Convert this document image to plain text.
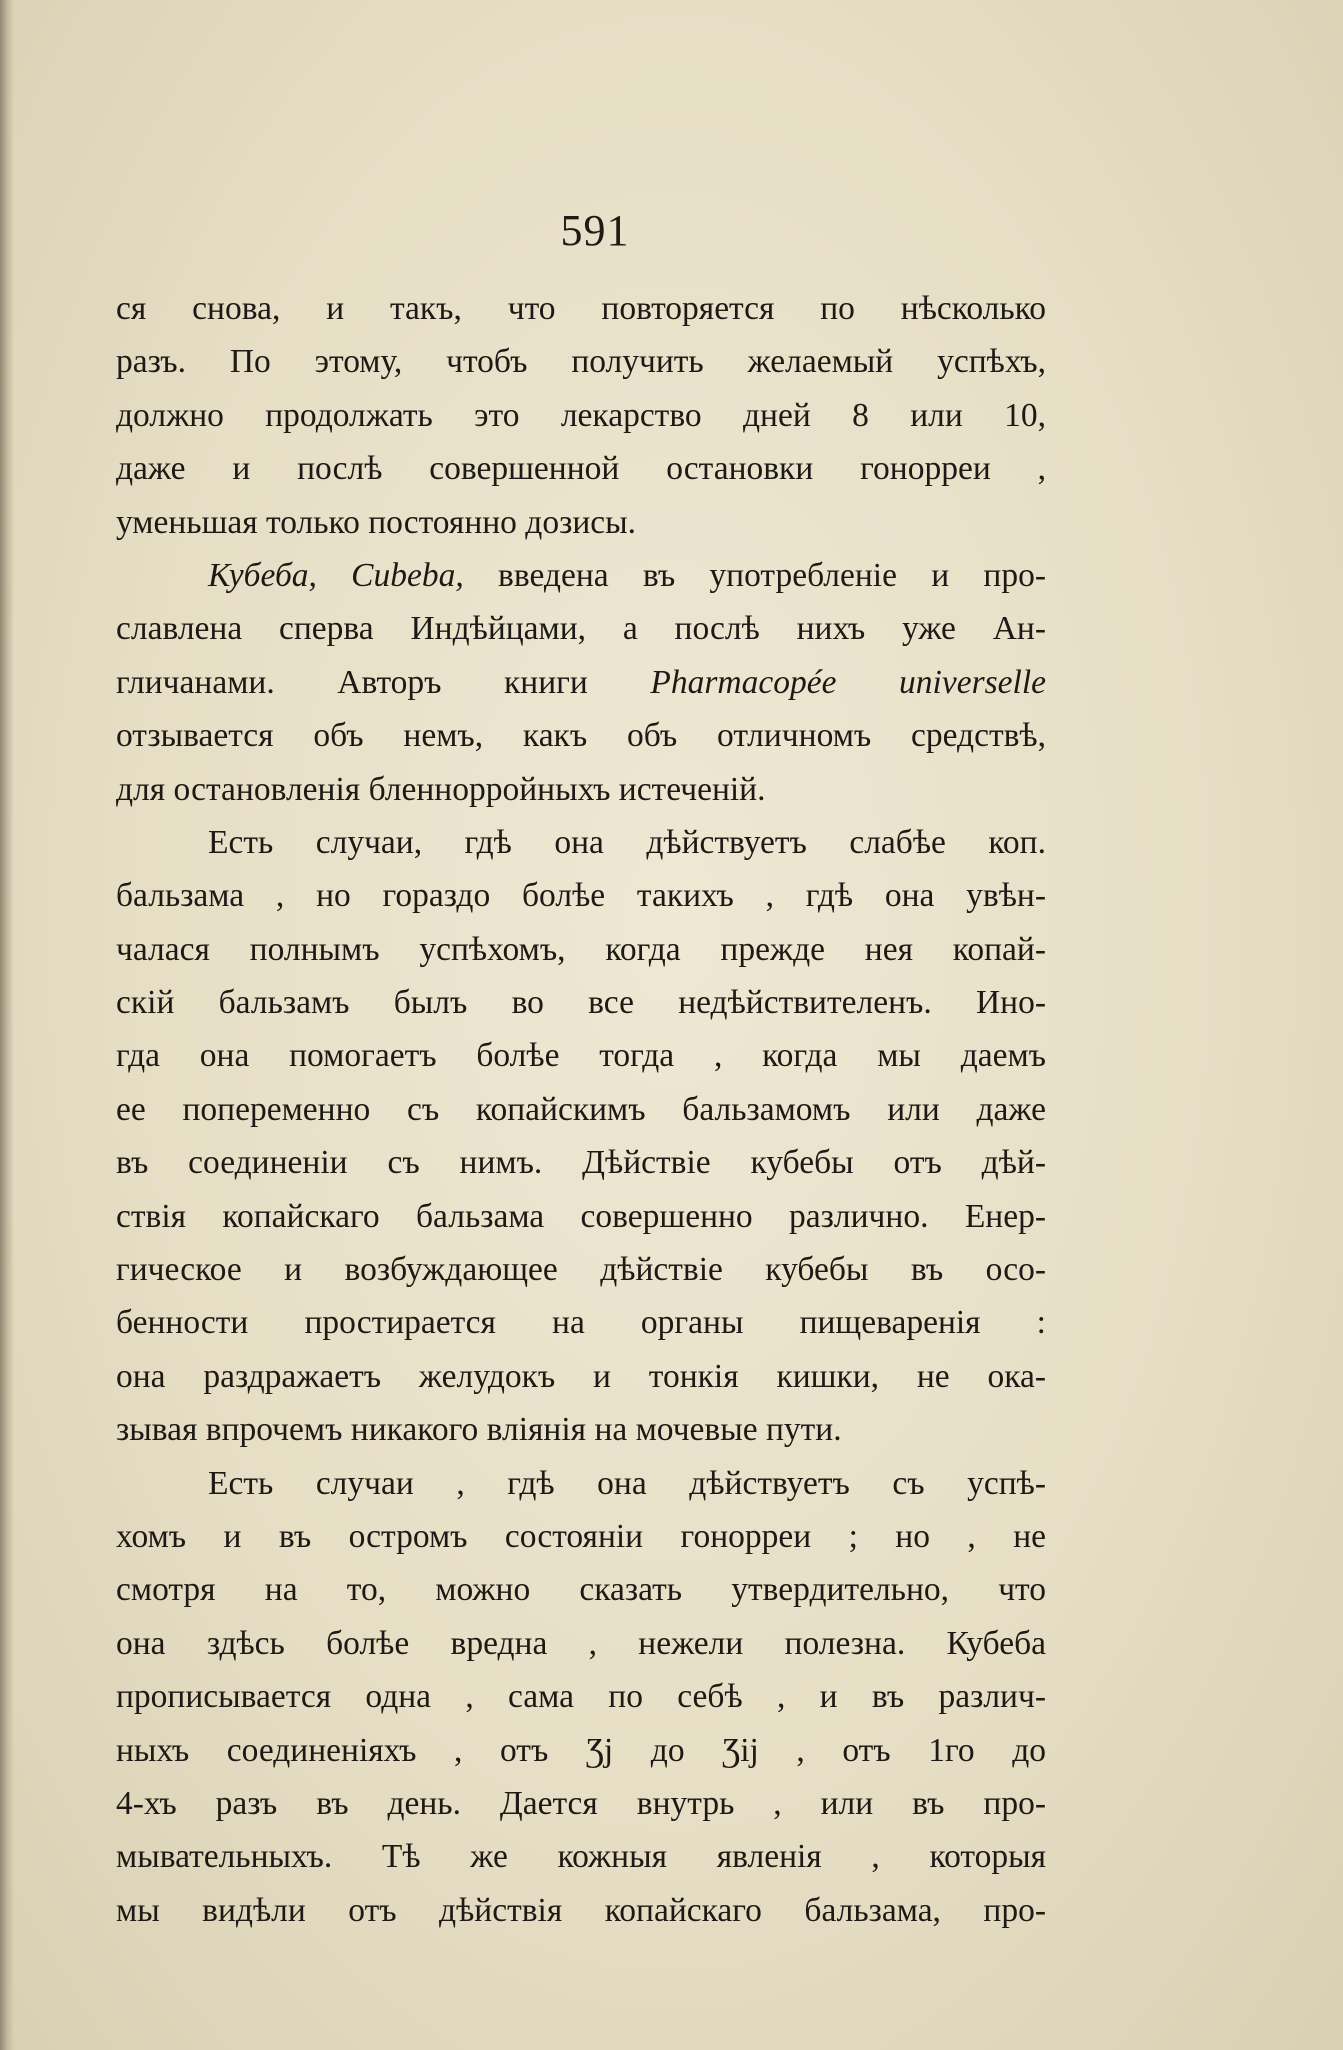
591
ся снова, и такъ, что повторяется по нѣсколько
разъ. По этому, чтобъ получить желаемый успѣхъ,
должно продолжать это лекарство дней 8 или 10,
даже и послѣ совершенной остановки гонорреи ,
уменьшая только постоянно дозисы.
Кубеба, Cubeba, введена въ употребленіе и про-
славлена сперва Индѣйцами, а послѣ нихъ уже Ан-
гличанами. Авторъ книги Pharmacopée universelle
отзывается объ немъ, какъ объ отличномъ средствѣ,
для остановленія бленнорройныхъ истеченій.
Есть случаи, гдѣ она дѣйствуетъ слабѣе коп.
бальзама , но гораздо болѣе такихъ , гдѣ она увѣн-
чалася полнымъ успѣхомъ, когда прежде нея копай-
скій бальзамъ былъ во все недѣйствителенъ. Ино-
гда она помогаетъ болѣе тогда , когда мы даемъ
ее попеременно съ копайскимъ бальзамомъ или даже
въ соединеніи съ нимъ. Дѣйствіе кубебы отъ дѣй-
ствія копайскаго бальзама совершенно различно. Енер-
гическое и возбуждающее дѣйствіе кубебы въ осо-
бенности простирается на органы пищеваренія :
она раздражаетъ желудокъ и тонкія кишки, не ока-
зывая впрочемъ никакого вліянія на мочевые пути.
Есть случаи , гдѣ она дѣйствуетъ съ успѣ-
хомъ и въ остромъ состояніи гонорреи ; но , не
смотря на то, можно сказать утвердительно, что
она здѣсь болѣе вредна , нежели полезна. Кубеба
прописывается одна , сама по себѣ , и въ различ-
ныхъ соединеніяхъ , отъ Ʒj до Ʒij , отъ 1го до
4-хъ разъ въ день. Дается внутрь , или въ про-
мывательныхъ. Тѣ же кожныя явленія , которыя
мы видѣли отъ дѣйствія копайскаго бальзама, про-
